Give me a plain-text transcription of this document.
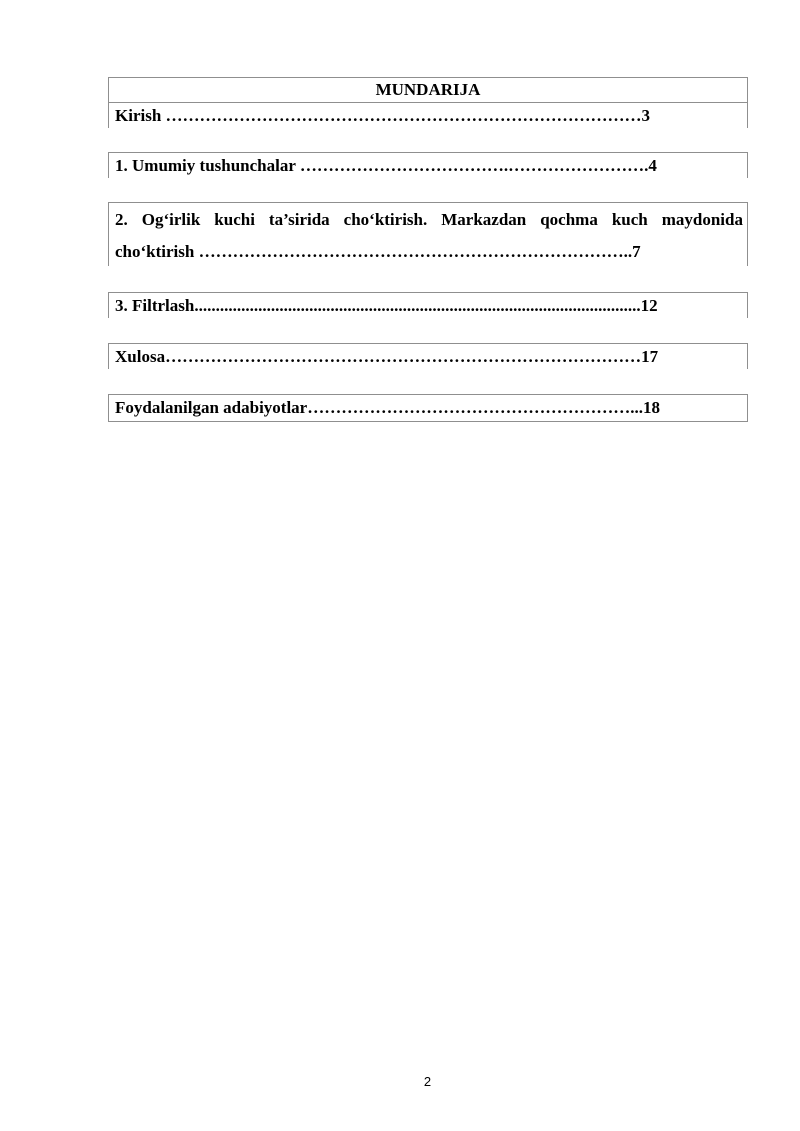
MUNDARIJA
Kirish …………………………………………………………………………3
1. Umumiy tushunchalar ……………………………….…………………….4
2. Og‘irlik kuchi ta’sirida cho‘ktirish. Markazdan qochma kuch maydonida
cho‘ktirish …………………………………………………………………..7
3. Filtrlash.........................................................................................................12
Xulosa…………………………………………………………………………17
Foydalanilgan adabiyotlar…………………………………………………...18
2
